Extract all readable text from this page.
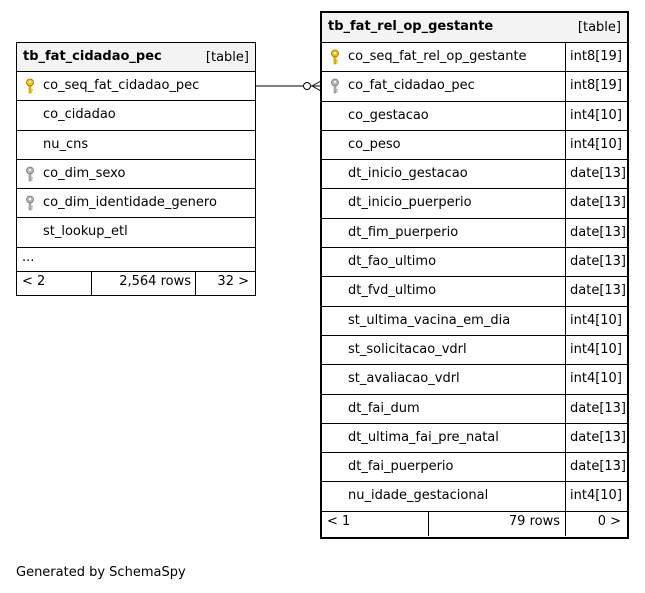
tb_fat_cidadao_pec	[table]
co_seq_fat_cidadao_pec
co_cidadao
nu_cns
co_dim_sexo
co_dim_identidade_genero
st_lookup_etl
...
< 2	2,564 rows 32 >
tb_fat_rel_op_gestante	[table]
co_seq_fat_rel_op_gestante	int8[19]
co_fat_cidadao_pec	int8[19]
co_gestacao	int4[10]
co_peso	int4[10]
dt_inicio_gestacao	date[13]
dt_inicio_puerperio	date[13]
dt_fim_puerperio	date[13]
dt_fao_ultimo	date[13]
dt_fvd_ultimo	date[13]
st_ultima_vacina_em_dia	int4[10]
st_solicitacao_vdrl	int4[10]
st_avaliacao_vdrl	int4[10]
dt_fai_dum	date[13]
dt_ultima_fai_pre_natal	date[13]
dt_fai_puerperio	date[13]
nu_idade_gestacional	int4[10]
< 1	79 rows	0 >
Generated by SchemaSpy
